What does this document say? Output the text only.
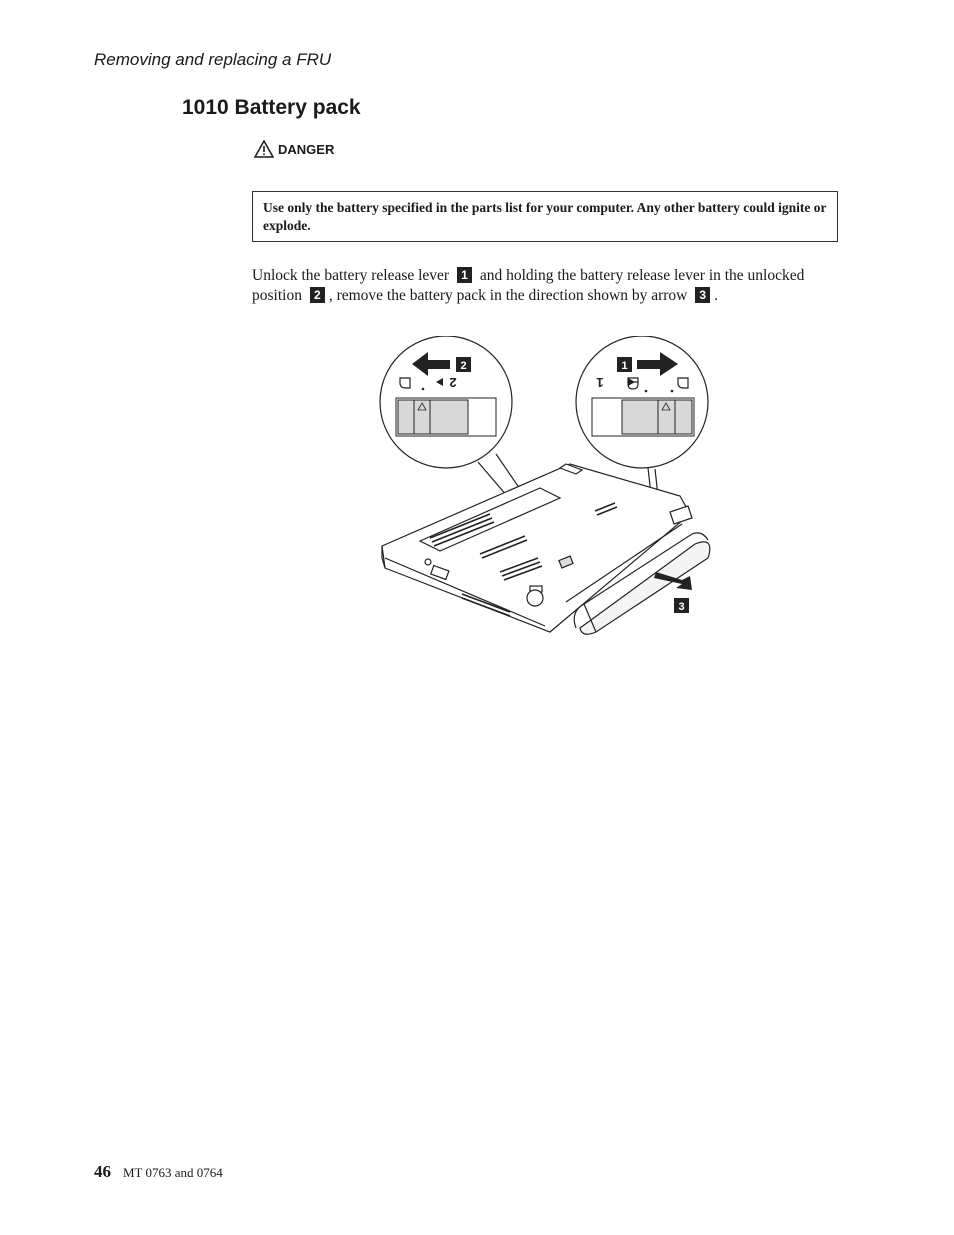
Removing and replacing a FRU
1010 Battery pack
DANGER
Use only the battery specified in the parts list for your computer. Any other battery could ignite or explode.

Unlock the battery release lever 1 and holding the battery release lever in the unlocked position 2 , remove the battery pack in the direction shown by arrow 3 .

3
2
2
1
1
46 MT 0763 and 0764
